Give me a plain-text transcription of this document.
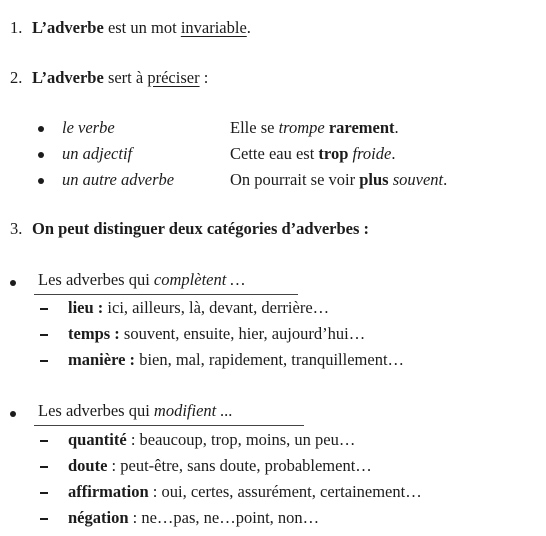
1. L’adverbe est un mot invariable.
2. L’adverbe sert à préciser :
le verbe	Elle se trompe rarement.
un adjectif	Cette eau est trop froide.
un autre adverbe	On pourrait se voir plus souvent.
3. On peut distinguer deux catégories d’adverbes :
Les adverbes qui complètent …
lieu : ici, ailleurs, là, devant, derrière…
temps : souvent, ensuite, hier, aujourd’hui…
manière : bien, mal, rapidement, tranquillement…
Les adverbes qui modifient ...
quantité : beaucoup, trop, moins, un peu…
doute : peut-être, sans doute, probablement…
affirmation : oui, certes, assurément, certainement…
négation : ne…pas, ne…point, non…
